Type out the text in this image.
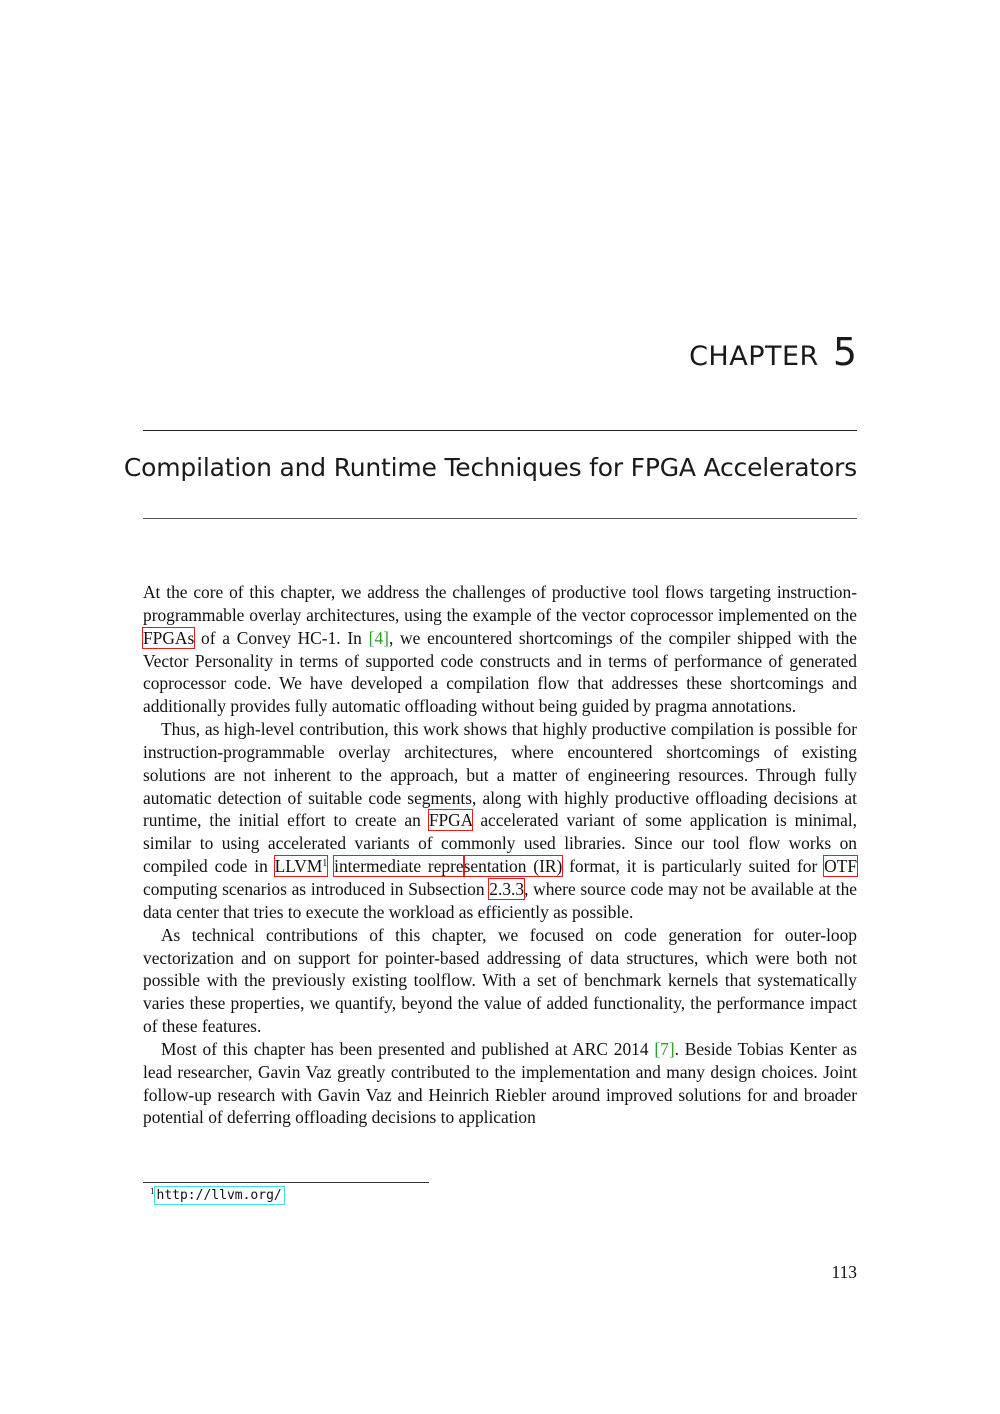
CHAPTER 5
Compilation and Runtime Techniques for FPGA Accelerators

At the core of this chapter, we address the challenges of productive tool flows targeting instruction-programmable overlay architectures, using the example of the vector coprocessor implemented on the FPGAs of a Convey HC-1. In [4], we encountered shortcomings of the compiler shipped with the Vector Personality in terms of supported code constructs and in terms of performance of generated coprocessor code. We have developed a compilation flow that addresses these shortcomings and additionally provides fully automatic offloading without being guided by pragma annotations.

Thus, as high-level contribution, this work shows that highly productive compilation is possible for instruction-programmable overlay architectures, where encountered shortcomings of existing solutions are not inherent to the approach, but a matter of engineering resources. Through fully automatic detection of suitable code segments, along with highly productive offloading decisions at runtime, the initial effort to create an FPGA accelerated variant of some application is minimal, similar to using accelerated variants of commonly used libraries. Since our tool flow works on compiled code in LLVM$^1$ intermediate representation (IR) format, it is particularly suited for OTF computing scenarios as introduced in Subsection 2.3.3, where source code may not be available at the data center that tries to execute the workload as efficiently as possible.

As technical contributions of this chapter, we focused on code generation for outer-loop vectorization and on support for pointer-based addressing of data structures, which were both not possible with the previously existing toolflow. With a set of benchmark kernels that systematically varies these properties, we quantify, beyond the value of added functionality, the performance impact of these features.

Most of this chapter has been presented and published at ARC 2014 [7]. Beside Tobias Kenter as lead researcher, Gavin Vaz greatly contributed to the implementation and many design choices. Joint follow-up research with Gavin Vaz and Heinrich Riebler around improved solutions for and broader potential of deferring offloading decisions to application

$^1$ http://llvm.org/
113
